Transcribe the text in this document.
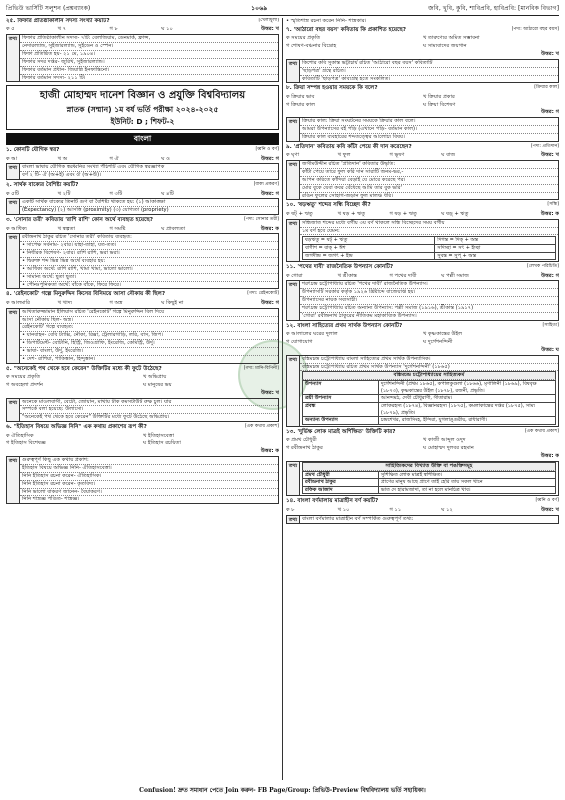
প্রিভিউ ভার্সিটি সলুশন (প্রশ্নব্যাংক)	১০৬৯	জবি, খুবি, কুবি, শাবিপ্রবি, হাবিপ্রবি: [মানবিক বিভাগ]
২৫. ফিফার প্রতিষ্ঠাকালীন সদস্য সংখ্যা কয়টি?	[খেলাধুলা]
ক ৫	খ ৭	গ ৮	ঘ ১০	উত্তর: খ
তথ্য ফিফার প্রতিষ্ঠাকালীন সদস্য- ৭টি: বেলজিয়াম, ডেনমার্ক, ফ্রান্স,
নেদারল্যান্ড, সুইজারল্যান্ড, সুইডেন ও স্পেন।
ফিফা প্রতিষ্ঠিত হয়- ২১ মে, ১৯০৪।
ফিফার সদর দপ্তর- জুরিখ, সুইজারল্যান্ড।
ফিফার বর্তমান প্রধান- জিয়ান্নি ইনফান্তিনো।
ফিফার বর্তমান সদস্য- ২১১ টি।
হাজী মোহাম্মদ দানেশ বিজ্ঞান ও প্রযুক্তি বিশ্ববিদ্যালয়
স্নাতক (সম্মান) ১ম বর্ষ ভর্তি পরীক্ষা ২০২৪-২০২৫
ইউনিট: D ; শিফট-২
বাংলা
১. কোনটি যৌগিক স্বর?	[ধ্বনি ও বর্ণ]
ক আ	খ অ	গ ঐ	ঘ ও	উত্তর: গ
তথ্য বাংলা ভাষায় যৌগিক স্বরধ্বনির সংখ্যা পঁচিশটি এবং যৌগিক স্বরজ্ঞাপক
বর্ণ ২ টি- ঐ (অ+ই) এবং ঔ (অ+উ)।
২. সার্থক বাক্যের বৈশিষ্ট্য কয়টি?	[বাক্য প্রকরণ]
ক ৫টি	খ ২টি	গ ৩টি	ঘ ৪টি	উত্তর: গ
তথ্য একটি সার্থক বাক্যের তিনটি গুণ বা বৈশিষ্ট্য থাকতে হয়: (১) আকাঙ্ক্ষা
(Expectancy) (২) আসত্তি (proximity) (৩) যোগ্যতা (propriety)
৩. 'সোনার তরী' কবিতায় 'রাশি রাশি' কোন অর্থে ব্যবহৃত হয়েছে?	[পদ্য: সোনার তরী]
ক আধিক্য	খ স্বল্পতা	গ সমষ্টি	ঘ প্রাবল্যতা	উত্তর: ক
তথ্য রবীন্দ্রনাথ ঠাকুর রচিত 'সোনার তরী' কবিতায় ব্যবহৃত:
• সাপেক্ষ সর্বনাম- ২বার। যাহা-তাহা, যত-তত।
• নির্ধারক বিশেষণ- ২বার। রাশি রাশি, ভরা ভরা।
• দ্বিরুক্ত শব্দ ভিন্ন ভিন্ন অর্থে ব্যবহার হয়:
• আধিক্য অর্থে: রাশি রাশি, খামা খামা, ভালো ভালো।
• সামান্য অর্থে: ছুতা ছুতা।
• পৌনঃপুনিকতা অর্থে: বাঁকে বাঁকে, ফিরে ফিরে।
৪. 'রেইনকোট' গল্পে মিনুরুদ্দিন কিসের বিনিময়ে আসা নৌকায় কী ছিল?	[গদ্য: রেইনকোট]
ক আলমারি	খ খাদ্য	গ অস্ত্র	ঘ কিছুই না	উত্তর: গ
তথ্য আখতারুজ্জামান ইলিয়াস রচিত 'রেইনকোট' গল্পে মিনুরুদ্দিন বিল দিয়ে
আসা নৌকায় ছিল- অস্ত্র।
রেইনকোট' গল্পে ব্যবহৃত:
• যানবাহন- বেবি ট্যাক্সি, নৌকা, রিক্সা, ট্রেলারগাড়ি, লরি, বাস, জিপ।
• ডিপার্টমেন্ট- বোটানি, হিস্ট্রি, জিওগ্রাফি, ইংরেজি, কেমিস্ট্রি, উর্দু।
• ভাষা- বাংলা, উর্দু, ইংরেজি।
• দেশ- রাশিয়া, পাকিস্তান, হিন্দুস্তান।
৫. "অনেকেই পথ থেকে হবে কেরেন" উক্তিটির মধ্যে কী ফুটে উঠেছে?	[গদ্য: মানি-বিপিনী]
ক সময়ের প্রকৃতি	খ অভিপ্রায়
গ অবহেলা প্রদর্শন	ঘ মানুষের ভয়
উত্তর: খ
তথ্য অনেকে মাওলবাসী, বেটো, জোয়ান, মাথায় টাক কমসটাউট রুক্ষ চুল। যার
সম্পর্কে বলা হয়েছে: উলাসো।
"অনেকেই পথ থেকে হবে কেরেন" উক্তিটির মধ্যে ফুটে উঠেছে অভিপ্রায়।
৬. "ইতিহাস বিষয়ে অভিজ্ঞ নিনি" এক কথায় প্রকাশের রূপ কী?	[এক কথায় প্রকাশ]
ক ঐতিহাসিক	খ ইতিহাসবেত্তা
গ ইতিহাস বিশেষজ্ঞ	ঘ ইতিহাস রচয়িতা
উত্তর: ক
তথ্য গুরুত্বপূর্ণ কিছু এক কথায় প্রকাশ:
ইতিহাস বিষয়ে অভিজ্ঞ নিনি- ঐতিহাসবেত্তা।
নিনি ইতিহাস রচনা করেন- ঐতিহাসিক।
নিনি ইতিহাস রচনা করেন- কৃতবিদ্য।
নিনি ভালো বাকরণ জানেন- বৈয়াকরণ।
নিনি শাস্ত্রজ্ঞ পণ্ডিত- শাস্ত্রজ্ঞ।
• স্মৃতিশাস্ত্র রচনা করেন নিনি- শাস্ত্রকার।
৭. 'আঠারো বছর বয়স' কবিতায় কি প্রকাশিত হয়েছে?	[পদ্য: আঠারো বছর বয়স]
ক সময়ের প্রকৃতি	খ তারুণ্যের অমিত সম্ভাবনা
গ শোষণ-বঞ্চনার বিদ্রোহ	ঘ সাম্যবাদের জয়গান
উত্তর: খ
তথ্য কিশোর কবি সুকান্ত ভট্টাচার্য রচিত 'আঠারো বছর বয়স' কবিতাটি
'ছাড়পত্র' গ্রন্থে রচিত।
কবিতাটি 'ছাড়পত্র' কাব্যগ্রন্থ হতে সংকলিত।
৮. ক্রিয়া সম্পন্ন হওয়ার সময়কে কি বলে?	[ক্রিয়ার কাল]
ক ক্রিয়ার ভাব	খ ক্রিয়ার প্রকার
গ ক্রিয়ার কাল	ঘ ক্রিয়া বিশেষণ
উত্তর: গ
তথ্য ক্রিয়ার কাল: ক্রিয়া সংঘটনের সময়কে ক্রিয়ার কাল বলে।
আমরা উপন্যাসের বই পড়ি (এখানে পড়ি- বর্তমান কাল)।
ক্রিয়ার কাল ব্যবহারের শব্দতত্ত্বের আলোচ্য বিষয়।
৯. 'প্রতিদান' কবিতায় কবি কাঁটা পেয়ে কী দান করেছেন?	[পদ্য: প্রতিদান]
ক ঘৃণা	খ ফুল	গ ভূষণ	ঘ বাজ	উত্তর: খ
তথ্য জসীমউদ্দীন রচিত 'প্রতিদান' কবিতার উদ্ধৃতি:
কাঁটা পেয়ে তারে ফুল করি দান সারাটি জনম-ভর,-
আপন করিতে কাঁদিয়া বেড়াই যে মোরে করেছে পর।
মোর বুকে যেবা কবর বেঁধেছে আমি তার বুক ভরি'
রঙিন ফুলের সোহাগ-জড়ান ফুল মালঞ্চ ধরি।
১০. 'ষড়ঋতু' শব্দের সন্ধি বিচ্ছেদ কী?	[সন্ধি]
ক ষট্ + ঋতু	খ ষড় + ঋতু	গ ষড় + ঋতু	ঘ ষড়্ + ঋতু	উত্তর: ক
তথ্য সন্ধিজাত শব্দের মধ্যে বর্গীয় ৩য় বর্ণ থাকলে সন্ধি বিচ্ছেদের সময় বর্গীয়
১ম বর্ণ হবে যেমন:
ষড়ঋতু = ষট্ + ঋতু	দিগন্ত = দিক্ + অন্ত
বাগীশ = বাক্ + ঈশ	সদিচ্ছা = সৎ + ইচ্ছা
জগদীন্দ্র = জগৎ + ইন্দ্র	সুবন্ত = সুপ্ + অন্ত
১১. 'পথের দাবী' রাজনৈতিক উপন্যাস কোনটি?	[লেখক পরিচিতি]
ক গোরা	খ শ্রীকান্ত	গ পথের দাবী	ঘ পল্লী সমাজ	উত্তর: গ
তথ্য শরৎচন্দ্র চট্টোপাধ্যায় রচিত 'পথের দাবী' রাজনৈতিক উপন্যাস।
উপন্যাসটি সরকার কর্তৃক ১৯২৬ খ্রিষ্টাব্দে বাজেয়াপ্ত হয়।
উপন্যাসের নায়ক সব্যসাচী।
শরৎচন্দ্র চট্টোপাধ্যায় রচিত অন্যান্য উপন্যাস: পল্লী সমাজ (১৯১৬), শ্রীকান্ত (১৯১৭)
'গোরা' রবীন্দ্রনাথ ঠাকুরের নীতিকম মহাকাব্যিক উপন্যাস।
১২. বাংলা সাহিত্যের প্রথম সার্থক উপন্যাস কোনটি?	[সাহিত্য]
ক আলালের ঘরের দুলাল	খ কৃষ্ণকান্তের উইল
গ যোগাযোগ	ঘ দুর্গেশনন্দিনী
উত্তর: ঘ
তথ্য বঙ্কিমচন্দ্র চট্টোপাধ্যায় বাংলা সাহিত্যের প্রথম সার্থক উপন্যাসিক।
বঙ্কিমচন্দ্র চট্টোপাধ্যায় রচিত প্রথম সার্থক উপন্যাস 'দুর্গেশনন্দিনী' (১৮৬৫)
বঙ্কিমচন্দ্র চট্টোপাধ্যায়ের সাহিত্যকর্ম
উপন্যাস	দুর্গেশনন্দিনী (প্রথম ১৮৬৫), কপালকুণ্ডলা (১৮৬৬), মৃণালিনী (১৮৬৯), বিষবৃক্ষ (১৮৭৩), কৃষ্ণকান্তের উইল (১৮৭৮), রজনী, প্রভৃতি।
ত্রয়ী উপন্যাস	আনন্দমঠ, দেবী চৌধুরাণী, সীতারাম।
প্রবন্ধ	লোকরহস্য (১৮৭৪), বিজ্ঞানরহস্য (১৮৭৫), কমলাকান্তের দপ্তর (১৮৭৫), সাম্য (১৮৭৯), প্রভৃতি।
অন্যান্য উপন্যাস	চন্দ্রশেখর, রাজসিংহ, ইন্দিরা, যুগলাঙ্গুরীয়, রাধারাণী।
১৩. 'দুর্ভিক্ষ লোক মাত্রই অর্শিক্ষিত' উক্তিটি কার?	[এক কথায় প্রকাশ]
ক প্রমথ চৌধুরী	খ কাজী আব্দুল ওদুদ
গ রবীন্দ্রনাথ ঠাকুর	ঘ মোহাম্মদ দুলবর রহমান
উত্তর: ক
তথ্য	সাহিত্যিকদের বিখ্যাত উক্তি বা পঙক্তিসমূহ
প্রমথ চৌধুরী	সুশিক্ষিত লোক মাত্রই স্বশিক্ষিত।
রবীন্দ্রনাথ ঠাকুর	প্রাণের মানুষ আছে প্রাণে তাই হেরি তায় সকল খানে
রফিক আজাদ	ভাত দে হারামজাদা, তা না হলে মানচিত্র খাব।
১৪. বাংলা বর্ণমালায় মাত্রাহীন বর্ণ কয়টি?	[ধ্বনি ও বর্ণ]
ক ৮	খ ১০	গ ১১	ঘ ১২	উত্তর: খ
তথ্য বাংলা বর্ণমালার মাত্রাহীন বর্ণ সম্পর্কিত গুরুত্বপূর্ণ তথ্য:
Confusion! দ্রুত সমাধান পেতে Join করুন- FB Page/Group: প্রিভিউ-Preview বিশ্ববিদ্যালয় ভর্তি সহায়িকা।
